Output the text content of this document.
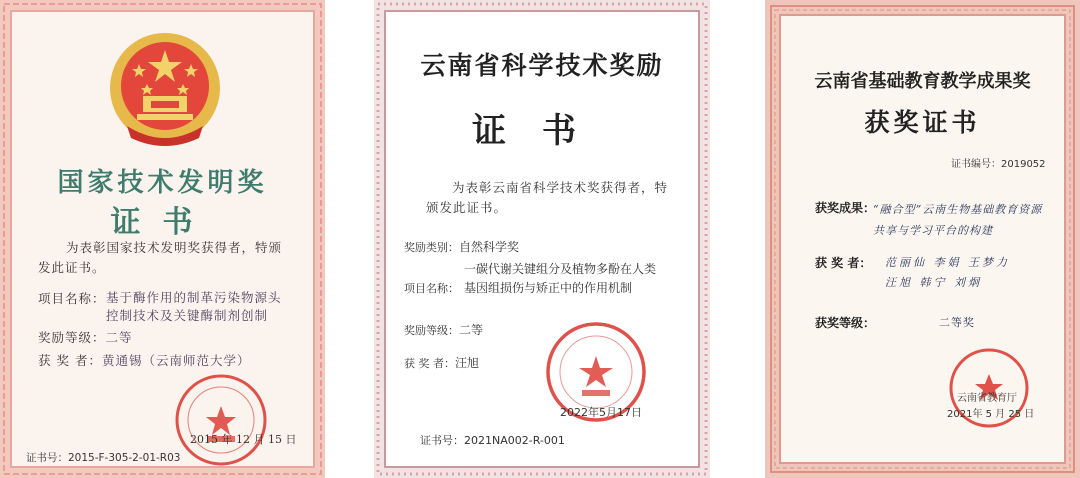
国家技术发明奖
证书
为表彰国家技术发明奖获得者，特颁发此证书。
项目名称： 基于酶作用的制革污染物源头控制技术及关键酶制剂创制
奖励等级：二等
获 奖 者：黄通锡（云南师范大学）
2015 年 12 月 15 日
证书号：2015-F-305-2-01-R03
云南省科学技术奖励
证书
为表彰云南省科学技术奖获得者，特颁发此证书。
奖励类别：自然科学奖
项目名称：
一碳代谢关键组分及植物多酚在人类基因组损伤与矫正中的作用机制
奖励等级：二等
获 奖 者：汪旭
2022年5月17日
证书号：2021NA002-R-001
云南省基础教育教学成果奖
获奖证书
证书编号：2019052
获奖成果：
“融合型”云南生物基础教育资源共享与学习平台的构建
获 奖 者： 范丽仙 李娟 王梦力
汪旭 韩宁 刘炯
获奖等级：	二等奖
云南省教育厅
2021年 5 月 25 日
